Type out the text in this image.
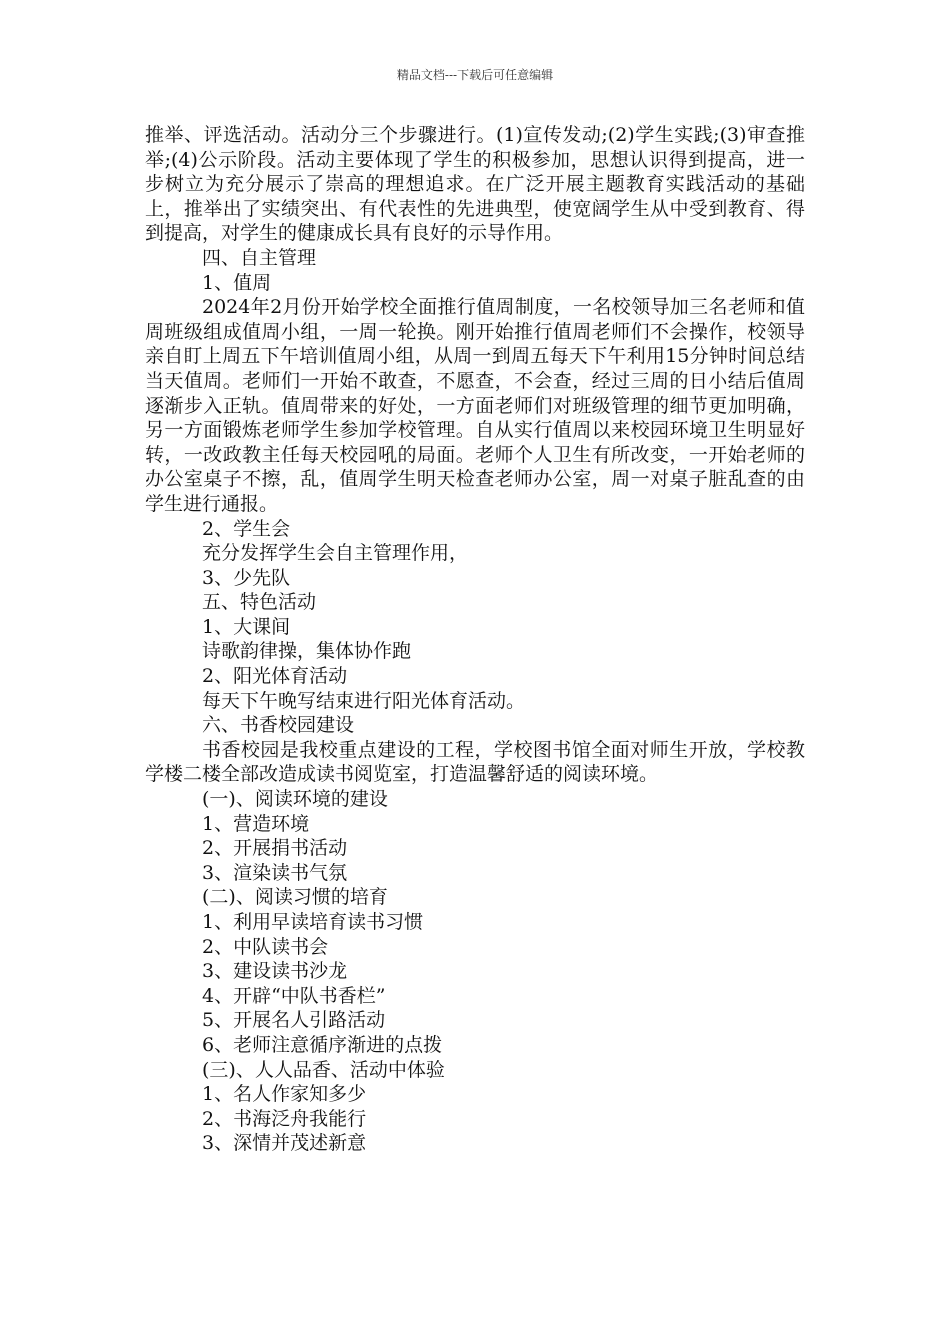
精品文档---下载后可任意编辑

推举、评选活动。活动分三个步骤进行。(1)宣传发动;(2)学生实践;(3)审查推举;(4)公示阶段。活动主要体现了学生的积极参加，思想认识得到提高，进一步树立为充分展示了崇高的理想追求。在广泛开展主题教育实践活动的基础上，推举出了实绩突出、有代表性的先进典型，使宽阔学生从中受到教育、得到提高，对学生的健康成长具有良好的示导作用。

四、自主管理

1、值周

2024年2月份开始学校全面推行值周制度，一名校领导加三名老师和值周班级组成值周小组，一周一轮换。刚开始推行值周老师们不会操作，校领导亲自盯上周五下午培训值周小组，从周一到周五每天下午利用15分钟时间总结当天值周。老师们一开始不敢查，不愿查，不会查，经过三周的日小结后值周逐渐步入正轨。值周带来的好处，一方面老师们对班级管理的细节更加明确，另一方面锻炼老师学生参加学校管理。自从实行值周以来校园环境卫生明显好转，一改政教主任每天校园吼的局面。老师个人卫生有所改变，一开始老师的办公室桌子不擦，乱，值周学生明天检查老师办公室，周一对桌子脏乱查的由学生进行通报。

2、学生会

充分发挥学生会自主管理作用，

3、少先队

五、特色活动

1、大课间

诗歌韵律操，集体协作跑

2、阳光体育活动

每天下午晚写结束进行阳光体育活动。

六、书香校园建设

书香校园是我校重点建设的工程，学校图书馆全面对师生开放，学校教学楼二楼全部改造成读书阅览室，打造温馨舒适的阅读环境。

(一)、阅读环境的建设

1、营造环境

2、开展捐书活动

3、渲染读书气氛

(二)、阅读习惯的培育

1、利用早读培育读书习惯

2、中队读书会

3、建设读书沙龙

4、开辟“中队书香栏”

5、开展名人引路活动

6、老师注意循序渐进的点拨

(三)、人人品香、活动中体验

1、名人作家知多少

2、书海泛舟我能行

3、深情并茂述新意
